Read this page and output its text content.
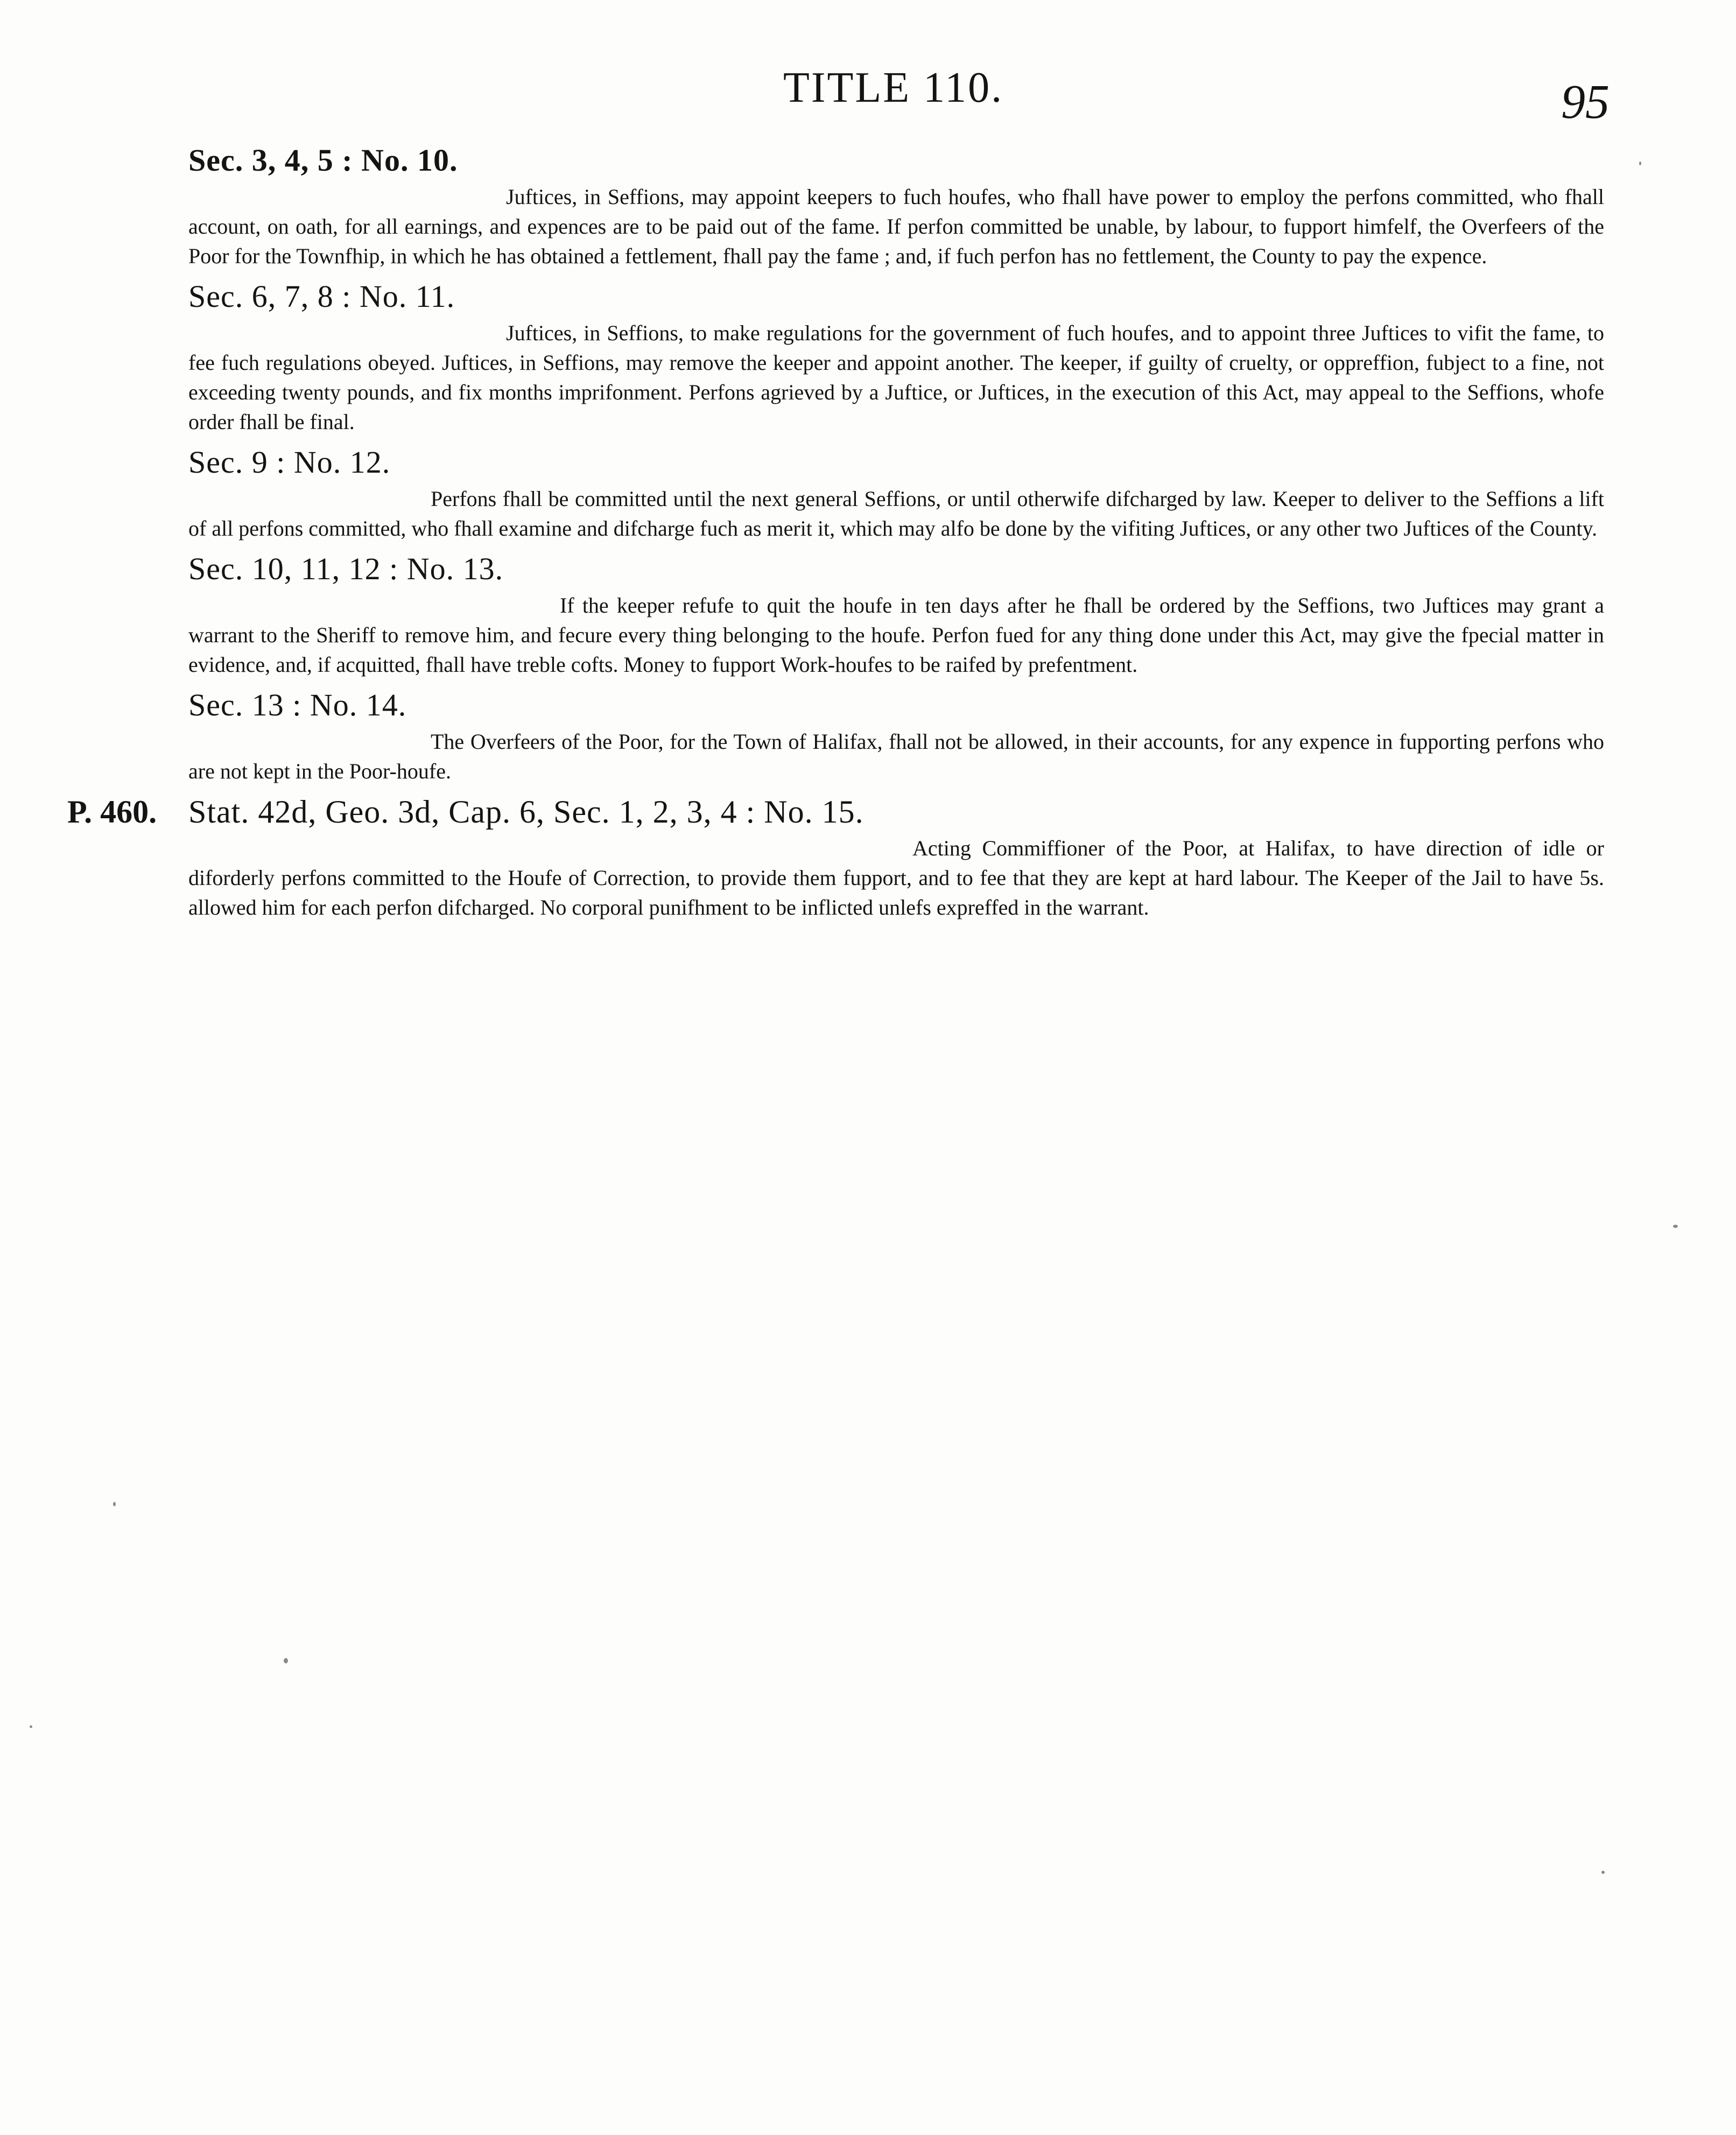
TITLE 110.	95
Sec. 3, 4, 5 : No. 10.

Juftices, in Seffions, may appoint keepers to fuch houfes, who fhall have power to employ the perfons committed, who fhall account, on oath, for all earnings, and expences are to be paid out of the fame. If perfon committed be unable, by labour, to fupport himfelf, the Overfeers of the Poor for the Townfhip, in which he has obtained a fettlement, fhall pay the fame ; and, if fuch perfon has no fettlement, the County to pay the expence.

Sec. 6, 7, 8 : No. 11.

Juftices, in Seffions, to make regulations for the government of fuch houfes, and to appoint three Juftices to vifit the fame, to fee fuch regulations obeyed. Juftices, in Seffions, may remove the keeper and appoint another. The keeper, if guilty of cruelty, or oppreffion, fubject to a fine, not exceeding twenty pounds, and fix months imprifonment. Perfons agrieved by a Juftice, or Juftices, in the execution of this Act, may appeal to the Seffions, whofe order fhall be final.

Sec. 9 : No. 12.

Perfons fhall be committed until the next general Seffions, or until otherwife difcharged by law. Keeper to deliver to the Seffions a lift of all perfons committed, who fhall examine and difcharge fuch as merit it, which may alfo be done by the vifiting Juftices, or any other two Juftices of the County.

Sec. 10, 11, 12 : No. 13.

If the keeper refufe to quit the houfe in ten days after he fhall be ordered by the Seffions, two Juftices may grant a warrant to the Sheriff to remove him, and fecure every thing belonging to the houfe. Perfon fued for any thing done under this Act, may give the fpecial matter in evidence, and, if acquitted, fhall have treble cofts. Money to fupport Work-houfes to be raifed by prefentment.

Sec. 13 : No. 14.

The Overfeers of the Poor, for the Town of Halifax, fhall not be allowed, in their accounts, for any expence in fupporting perfons who are not kept in the Poor-houfe.

P. 460. Stat. 42d, Geo. 3d, Cap. 6, Sec. 1, 2, 3, 4 : No. 15.

Acting Commiffioner of the Poor, at Halifax, to have direction of idle or diforderly perfons committed to the Houfe of Correction, to provide them fupport, and to fee that they are kept at hard labour. The Keeper of the Jail to have 5s. allowed him for each perfon difcharged. No corporal punifhment to be inflicted unlefs expreffed in the warrant.
